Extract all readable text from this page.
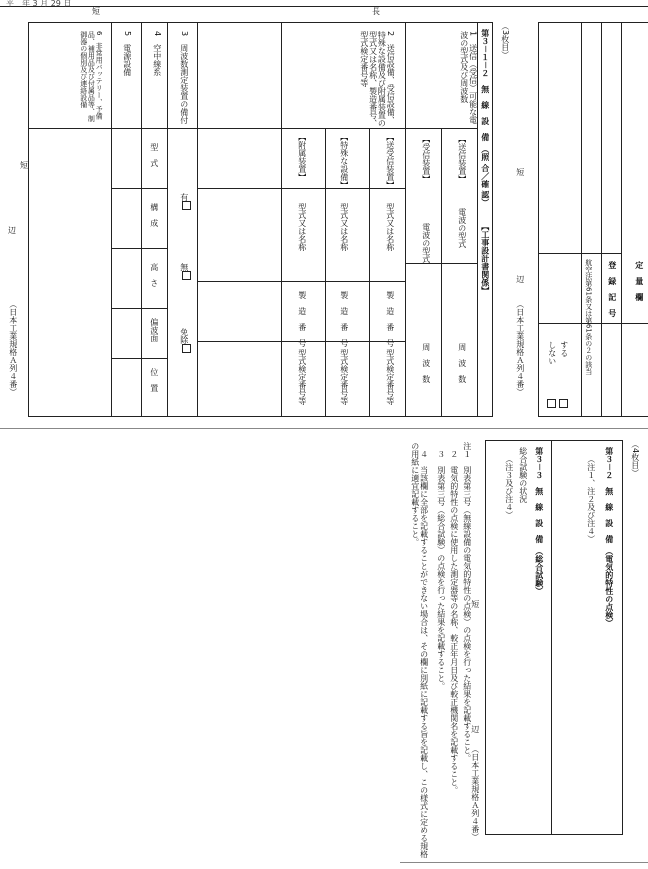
平　年 3 月 29 日
長
短
（3枚目）
第３－１－２　無　線　設　備　（照 合／確 認）　　　【工事設計書関係】
1　送信（受信）可能な電波の型式及び周波数
2　送信設備、受信設備、特殊な設備及び附属装置の型式又は名称、製造番号、型式検定番号等
3　周波数測定装置の備付
4　空中線系
5　電源設備
6　非常用バッテリー、予備品、補用品及び付属品等、制御器の個別及び連絡設備
【送信装置】
【受信装置】
電波の型式
電波の型式
周　波　数
周　波　数
【送受信装置】
【特殊な設備】
【附属装置】
型式又は名称
型式又は名称
型式又は名称
製　造　番　号
製　造　番　号
製　造　番　号
型式検定番号等
型式検定番号等
型式検定番号等
有
無
免除
型　式
構　成
高　さ
偏波面
位　置
辺
（日本工業規格Ａ列４番）
短
定　量　欄
登　録　記　号
航空法第61条又は第61条の２の該当
する
しない
短
辺
（日本工業規格Ａ列４番）
（4枚目）
第３－２　無　線　設　備　（電気的特性の点検）
（注１、注２及び注４）
第３－３　無　線　設　備　（総合試験）
総合試験の状況
（注３及び注４）
注１　別表第三号（無線設備の電気的特性の点検）の点検を行った結果を記載すること。
　２　電気的特性の点検に使用した測定器等の名称、較正年月日及び較正機関名を記載すること。
　３　別表第三号（総合試験）の点検を行った結果を記載すること。
　４　当該欄に全部を記載することができない場合は、その欄に別紙に記載する旨を記載し、この様式に定める規格の用紙に適宜記載すること。
短
辺
（日本工業規格Ａ列４番）
